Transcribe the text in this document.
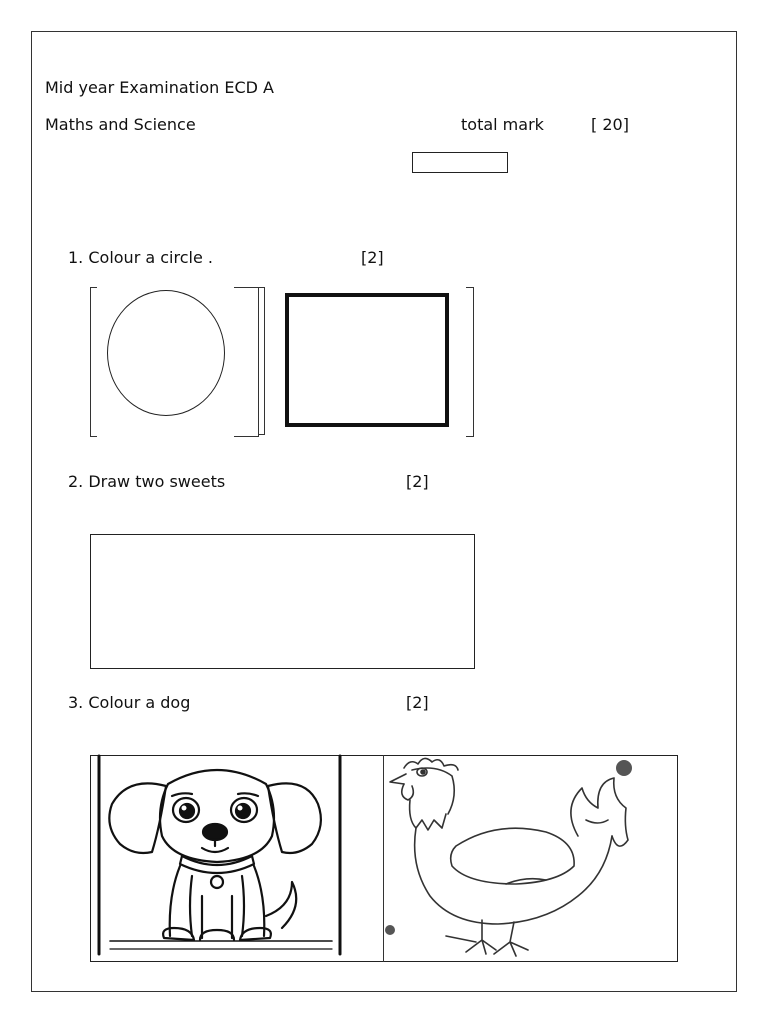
Mid year Examination ECD A
Maths and Science	total mark	[ 20]
1. Colour a circle .	[2]
2. Draw two sweets	[2]
3. Colour a dog	[2]
